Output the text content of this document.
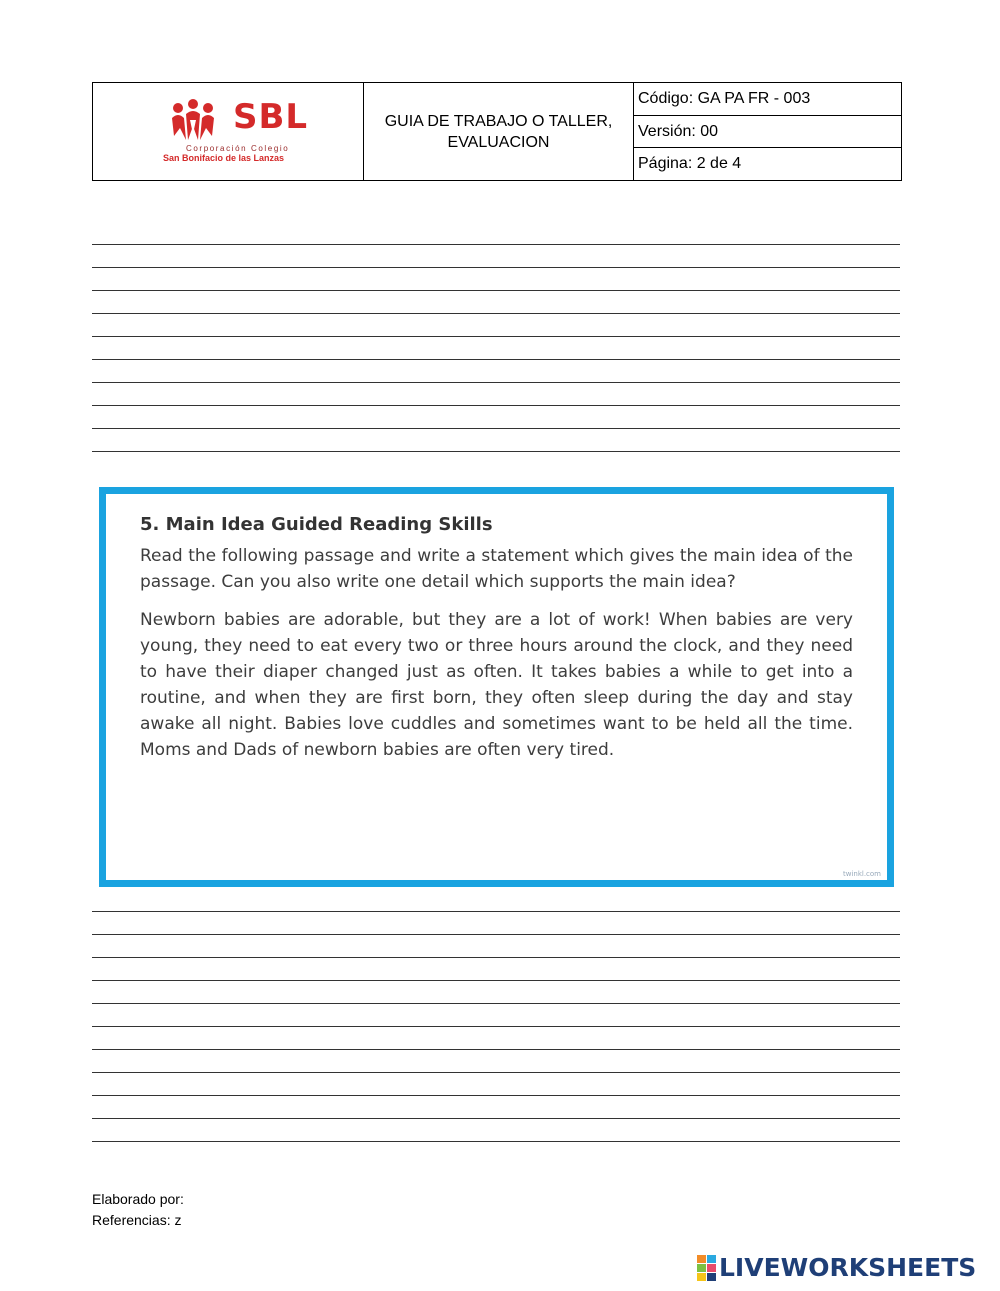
SBL
Corporación Colegio
San Bonifacio de las Lanzas
GUIA DE TRABAJO O TALLER,
EVALUACION
Código: GA PA FR - 003
Versión: 00
Página: 2 de 4
5. Main Idea Guided Reading Skills

Read the following passage and write a statement which gives the main idea of the passage. Can you also write one detail which supports the main idea?

Newborn babies are adorable, but they are a lot of work! When babies are very young, they need to eat every two or three hours around the clock, and they need to have their diaper changed just as often. It takes babies a while to get into a routine, and when they are first born, they often sleep during the day and stay awake all night. Babies love cuddles and sometimes want to be held all the time. Moms and Dads of newborn babies are often very tired.

twinkl.com
Elaborado por:
Referencias: z
LIVEWORKSHEETS
